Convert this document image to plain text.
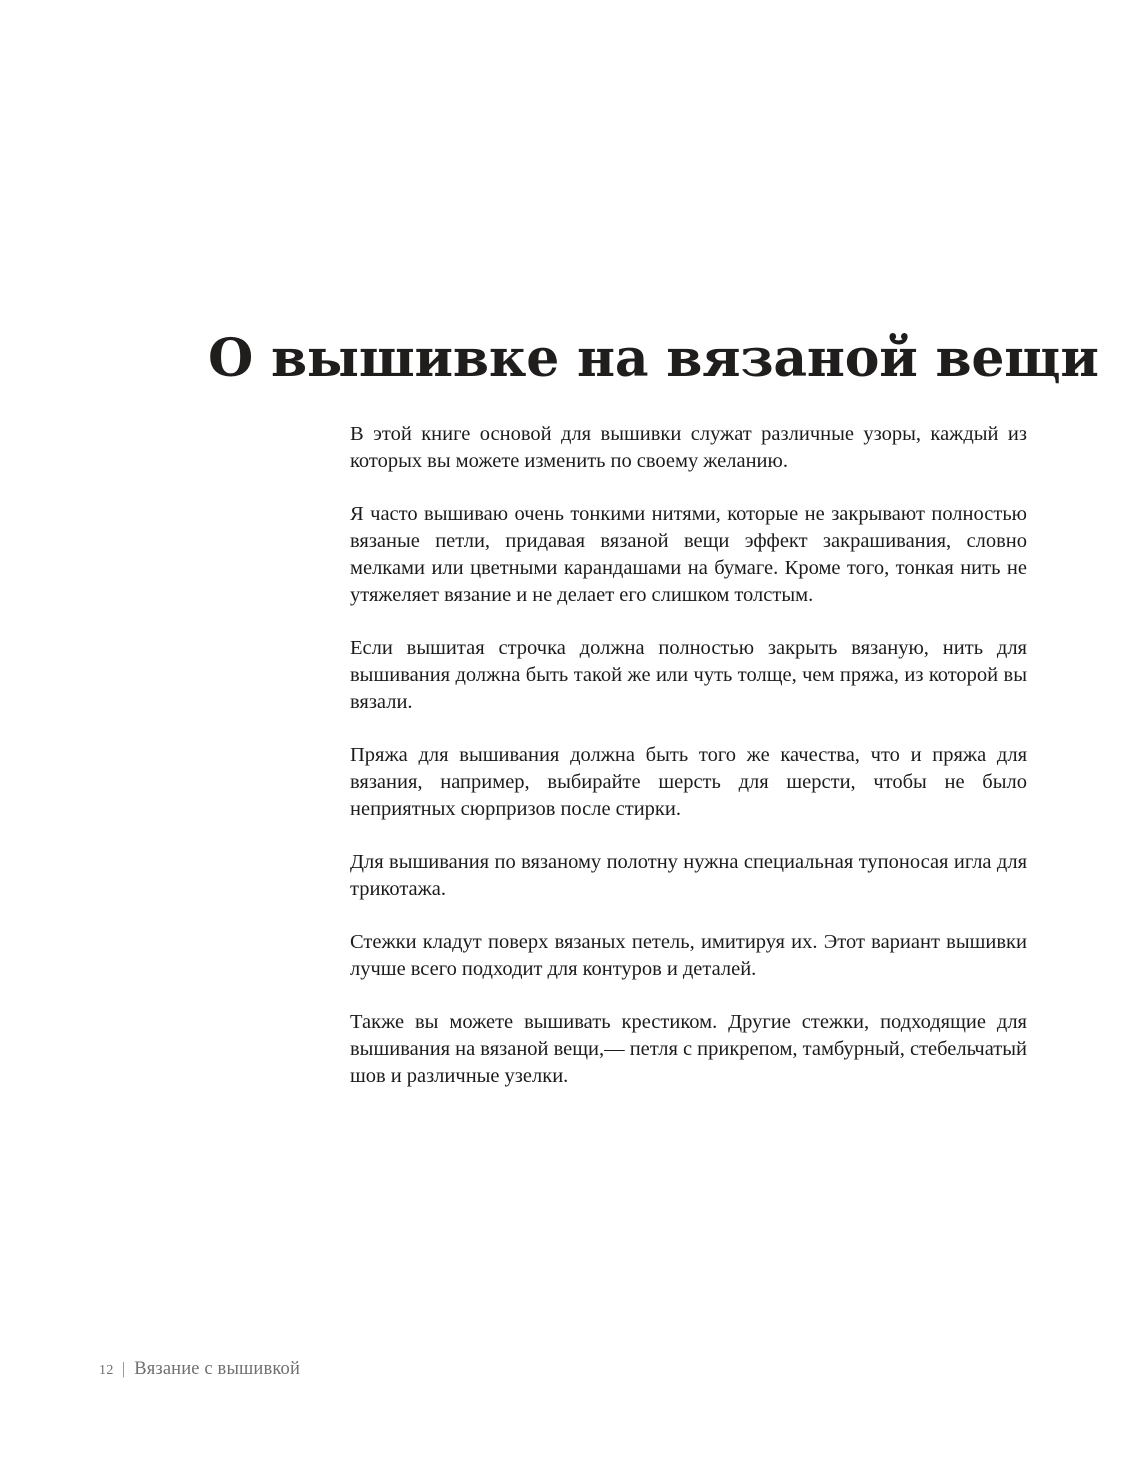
О вышивке на вязаной вещи

В этой книге основой для вышивки служат различные узоры, каждый из которых вы можете изменить по своему желанию.

Я часто вышиваю очень тонкими нитями, которые не закрывают полностью вязаные петли, придавая вязаной вещи эффект закрашивания, словно мелками или цветными карандашами на бумаге. Кроме того, тонкая нить не утяжеляет вязание и не делает его слишком толстым.

Если вышитая строчка должна полностью закрыть вязаную, нить для вышивания должна быть такой же или чуть толще, чем пряжа, из которой вы вязали.

Пряжа для вышивания должна быть того же качества, что и пряжа для вязания, например, выбирайте шерсть для шерсти, чтобы не было неприятных сюрпризов после стирки.

Для вышивания по вязаному полотну нужна специальная тупоносая игла для трикотажа.

Стежки кладут поверх вязаных петель, имитируя их. Этот вариант вышивки лучше всего подходит для контуров и деталей.

Также вы можете вышивать крестиком. Другие стежки, подходящие для вышивания на вязаной вещи,— петля с прикрепом, тамбурный, стебельчатый шов и различные узелки.

12 | Вязание с вышивкой
